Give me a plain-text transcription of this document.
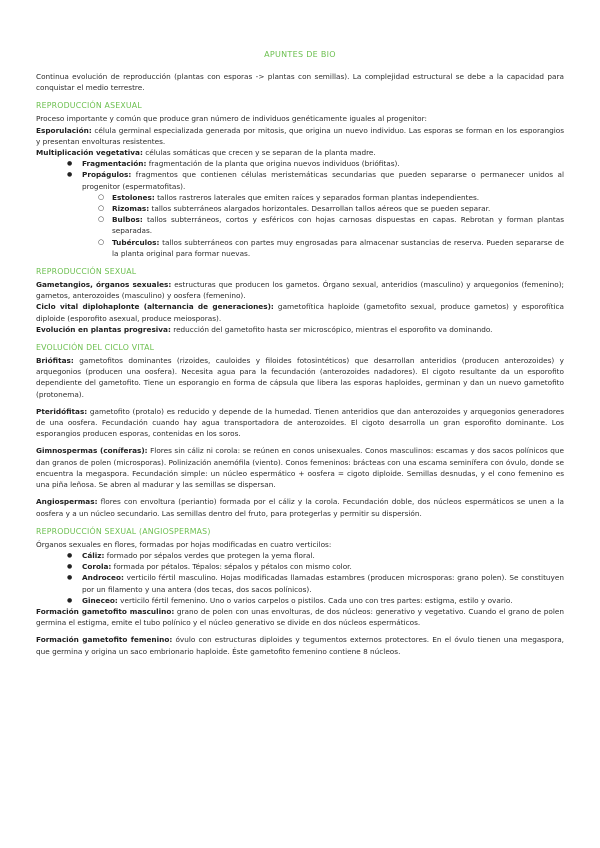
APUNTES DE BIO

Continua evolución de reproducción (plantas con esporas -> plantas con semillas). La complejidad estructural se debe a la capacidad para conquistar el medio terrestre.

REPRODUCCIÓN ASEXUAL

Proceso importante y común que produce gran número de individuos genéticamente iguales al progenitor:

Esporulación: célula germinal especializada generada por mitosis, que origina un nuevo individuo. Las esporas se forman en los esporangios y presentan envolturas resistentes.

Multiplicación vegetativa: células somáticas que crecen y se separan de la planta madre.

● Fragmentación: fragmentación de la planta que origina nuevos individuos (briófitas).
● Propágulos: fragmentos que contienen células meristemáticas secundarias que pueden separarse o permanecer unidos al progenitor (espermatofitas).
○ Estolones: tallos rastreros laterales que emiten raíces y separados forman plantas independientes.
○ Rizomas: tallos subterráneos alargados horizontales. Desarrollan tallos aéreos que se pueden separar.
○ Bulbos: tallos subterráneos, cortos y esféricos con hojas carnosas dispuestas en capas. Rebrotan y forman plantas separadas.
○ Tubérculos: tallos subterráneos con partes muy engrosadas para almacenar sustancias de reserva. Pueden separarse de la planta original para formar nuevas.
REPRODUCCIÓN SEXUAL

Gametangios, órganos sexuales: estructuras que producen los gametos. Órgano sexual, anteridios (masculino) y arquegonios (femenino); gametos, anterozoides (masculino) y oosfera (femenino).

Ciclo vital diplohaplonte (alternancia de generaciones): gametofítica haploide (gametofito sexual, produce gametos) y esporofítica diploide (esporofito asexual, produce meiosporas).

Evolución en plantas progresiva: reducción del gametofito hasta ser microscópico, mientras el esporofito va dominando.

EVOLUCIÓN DEL CICLO VITAL

Briófitas: gametofitos dominantes (rizoides, cauloides y filoides fotosintéticos) que desarrollan anteridios (producen anterozoides) y arquegonios (producen una oosfera). Necesita agua para la fecundación (anterozoides nadadores). El cigoto resultante da un esporofito dependiente del gametofito. Tiene un esporangio en forma de cápsula que libera las esporas haploides, germinan y dan un nuevo gametofito (protonema).

Pteridófitas: gametofito (protalo) es reducido y depende de la humedad. Tienen anteridios que dan anterozoides y arquegonios generadores de una oosfera. Fecundación cuando hay agua transportadora de anterozoides. El cigoto desarrolla un gran esporofito dominante. Los esporangios producen esporas, contenidas en los soros.

Gimnospermas (coníferas): Flores sin cáliz ni corola: se reúnen en conos unisexuales. Conos masculinos: escamas y dos sacos polínicos que dan granos de polen (microsporas). Polinización anemófila (viento). Conos femeninos: brácteas con una escama seminífera con óvulo, donde se encuentra la megaspora. Fecundación simple: un núcleo espermático + oosfera = cigoto diploide. Semillas desnudas, y el cono femenino es una piña leñosa. Se abren al madurar y las semillas se dispersan.

Angiospermas: flores con envoltura (periantio) formada por el cáliz y la corola. Fecundación doble, dos núcleos espermáticos se unen a la oosfera y a un núcleo secundario. Las semillas dentro del fruto, para protegerlas y permitir su dispersión.

REPRODUCCIÓN SEXUAL (ANGIOSPERMAS)

Órganos sexuales en flores, formadas por hojas modificadas en cuatro verticilos:

● Cáliz: formado por sépalos verdes que protegen la yema floral.
● Corola: formada por pétalos. Tépalos: sépalos y pétalos con mismo color.
● Androceo: verticilo fértil masculino. Hojas modificadas llamadas estambres (producen microsporas: grano polen). Se constituyen por un filamento y una antera (dos tecas, dos sacos polínicos).
● Gineceo: verticilo fértil femenino. Uno o varios carpelos o pistilos. Cada uno con tres partes: estigma, estilo y ovario.

Formación gametofito masculino: grano de polen con unas envolturas, de dos núcleos: generativo y vegetativo. Cuando el grano de polen germina el estigma, emite el tubo polínico y el núcleo generativo se divide en dos núcleos espermáticos.

Formación gametofito femenino: óvulo con estructuras diploides y tegumentos externos protectores. En el óvulo tienen una megaspora, que germina y origina un saco embrionario haploide. Éste gametofito femenino contiene 8 núcleos.
